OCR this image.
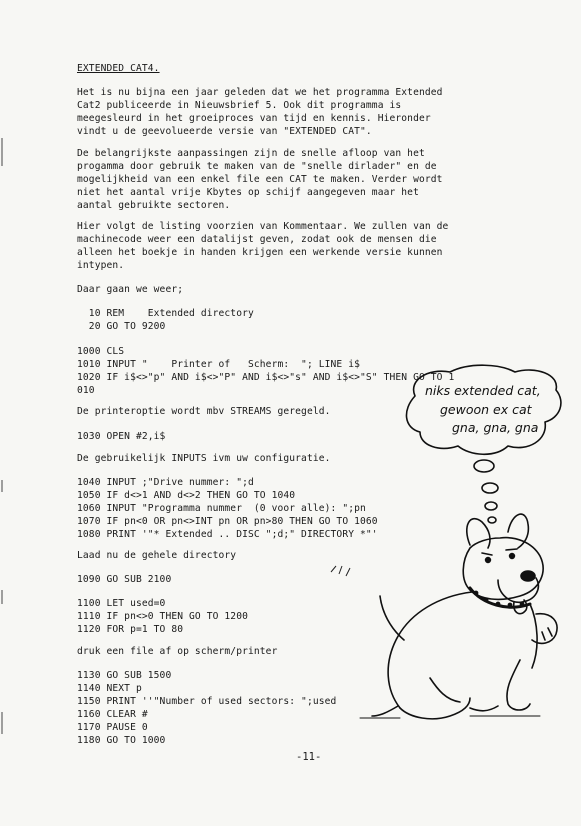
EXTENDED CAT4.
Het is nu bijna een jaar geleden dat we het programma Extended
Cat2 publiceerde in Nieuwsbrief 5. Ook dit programma is
meegesleurd in het groeiproces van tijd en kennis. Hieronder
vindt u de geevolueerde versie van "EXTENDED CAT".
De belangrijkste aanpassingen zijn de snelle afloop van het
progamma door gebruik te maken van de "snelle dirlader" en de
mogelijkheid van een enkel file een CAT te maken. Verder wordt
niet het aantal vrije Kbytes op schijf aangegeven maar het
aantal gebruikte sectoren.
Hier volgt de listing voorzien van Kommentaar. We zullen van de
machinecode weer een datalijst geven, zodat ook de mensen die
alleen het boekje in handen krijgen een werkende versie kunnen
intypen.
Daar gaan we weer;
10 REM    Extended directory
20 GO TO 9200
1000 CLS
1010 INPUT "    Printer of   Scherm:  "; LINE i$
1020 IF i$<>"p" AND i$<>"P" AND i$<>"s" AND i$<>"S" THEN GO TO 1
010
De printeroptie wordt mbv STREAMS geregeld.
1030 OPEN #2,i$
De gebruikelijk INPUTS ivm uw configuratie.
1040 INPUT ;"Drive nummer: ";d
1050 IF d<>1 AND d<>2 THEN GO TO 1040
1060 INPUT "Programma nummer  (0 voor alle): ";pn
1070 IF pn<0 OR pn<>INT pn OR pn>80 THEN GO TO 1060
1080 PRINT '"* Extended .. DISC ";d;" DIRECTORY *"'
Laad nu de gehele directory
1090 GO SUB 2100
1100 LET used=0
1110 IF pn<>0 THEN GO TO 1200
1120 FOR p=1 TO 80
druk een file af op scherm/printer
1130 GO SUB 1500
1140 NEXT p
1150 PRINT ''"Number of used sectors: ";used
1160 CLEAR #
1170 PAUSE 0
1180 GO TO 1000
niks extended cat,
gewoon ex cat
gna, gna, gna
-11-
